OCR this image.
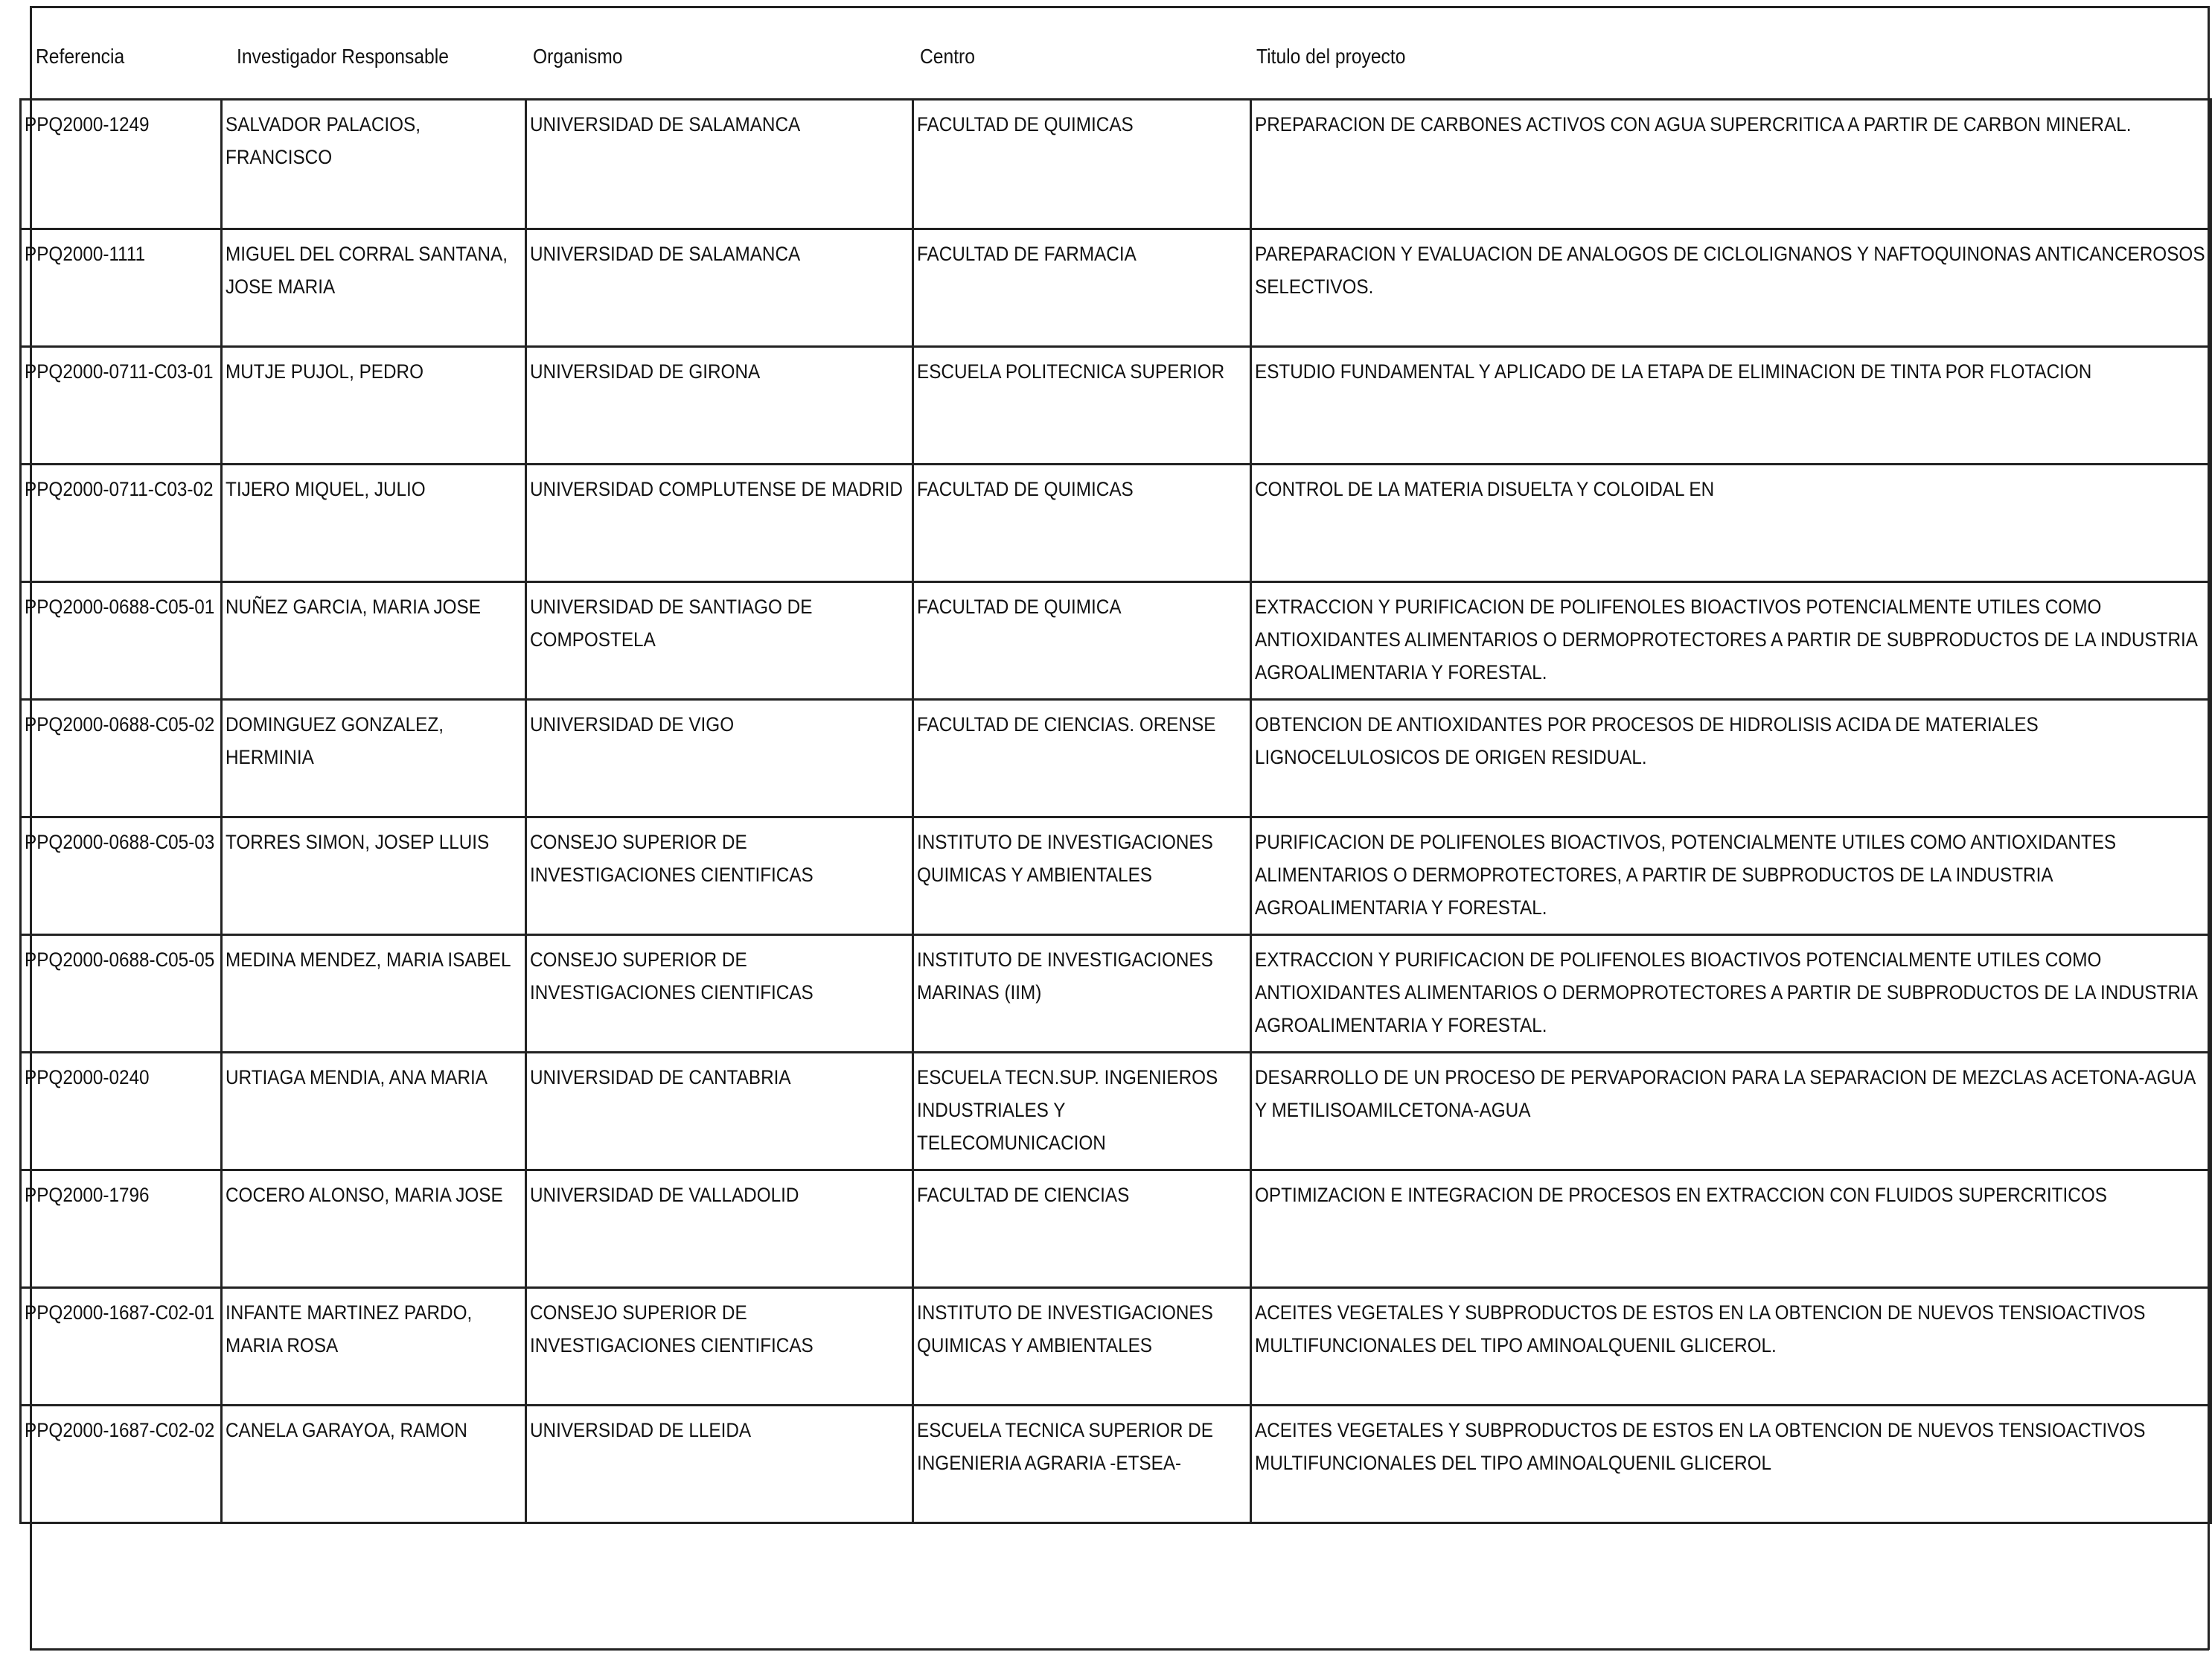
Referencia	Investigador Responsable	Organismo	Centro	Titulo del proyecto
PPQ2000-1249	SALVADOR PALACIOS, FRANCISCO	UNIVERSIDAD DE SALAMANCA	FACULTAD DE QUIMICAS	PREPARACION DE CARBONES ACTIVOS CON AGUA SUPERCRITICA A PARTIR DE CARBON MINERAL.

PPQ2000-1111	MIGUEL DEL CORRAL SANTANA, JOSE MARIA	UNIVERSIDAD DE SALAMANCA	FACULTAD DE FARMACIA	PAREPARACION Y EVALUACION DE ANALOGOS DE CICLOLIGNANOS Y NAFTOQUINONAS ANTICANCEROSOS SELECTIVOS.

PPQ2000-0711-C03-01	MUTJE PUJOL, PEDRO	UNIVERSIDAD DE GIRONA	ESCUELA POLITECNICA SUPERIOR	ESTUDIO FUNDAMENTAL Y APLICADO DE LA ETAPA DE ELIMINACION DE TINTA POR FLOTACION

PPQ2000-0711-C03-02	TIJERO MIQUEL, JULIO	UNIVERSIDAD COMPLUTENSE DE MADRID	FACULTAD DE QUIMICAS	CONTROL DE LA MATERIA DISUELTA Y COLOIDAL EN

PPQ2000-0688-C05-01	NUÑEZ GARCIA, MARIA JOSE	UNIVERSIDAD DE SANTIAGO DE COMPOSTELA	FACULTAD DE QUIMICA	EXTRACCION Y PURIFICACION DE POLIFENOLES BIOACTIVOS POTENCIALMENTE UTILES COMO ANTIOXIDANTES ALIMENTARIOS O DERMOPROTECTORES A PARTIR DE SUBPRODUCTOS DE LA INDUSTRIA AGROALIMENTARIA Y FORESTAL.

PPQ2000-0688-C05-02	DOMINGUEZ GONZALEZ, HERMINIA	UNIVERSIDAD DE VIGO	FACULTAD DE CIENCIAS. ORENSE	OBTENCION DE ANTIOXIDANTES POR PROCESOS DE HIDROLISIS ACIDA DE MATERIALES LIGNOCELULOSICOS DE ORIGEN RESIDUAL.

PPQ2000-0688-C05-03	TORRES SIMON, JOSEP LLUIS	CONSEJO SUPERIOR DE INVESTIGACIONES CIENTIFICAS	INSTITUTO DE INVESTIGACIONES QUIMICAS Y AMBIENTALES	PURIFICACION DE POLIFENOLES BIOACTIVOS, POTENCIALMENTE UTILES COMO ANTIOXIDANTES ALIMENTARIOS O DERMOPROTECTORES, A PARTIR DE SUBPRODUCTOS DE LA INDUSTRIA AGROALIMENTARIA Y FORESTAL.

PPQ2000-0688-C05-05	MEDINA MENDEZ, MARIA ISABEL	CONSEJO SUPERIOR DE INVESTIGACIONES CIENTIFICAS	INSTITUTO DE INVESTIGACIONES MARINAS (IIM)	EXTRACCION Y PURIFICACION DE POLIFENOLES BIOACTIVOS POTENCIALMENTE UTILES COMO ANTIOXIDANTES ALIMENTARIOS O DERMOPROTECTORES A PARTIR DE SUBPRODUCTOS DE LA INDUSTRIA AGROALIMENTARIA Y FORESTAL.

PPQ2000-0240	URTIAGA MENDIA, ANA MARIA	UNIVERSIDAD DE CANTABRIA	ESCUELA TECN.SUP. INGENIEROS INDUSTRIALES Y TELECOMUNICACION	DESARROLLO DE UN PROCESO DE PERVAPORACION PARA LA SEPARACION DE MEZCLAS ACETONA-AGUA Y METILISOAMILCETONA-AGUA

PPQ2000-1796	COCERO ALONSO, MARIA JOSE	UNIVERSIDAD DE VALLADOLID	FACULTAD DE CIENCIAS	OPTIMIZACION E INTEGRACION DE PROCESOS EN EXTRACCION CON FLUIDOS SUPERCRITICOS

PPQ2000-1687-C02-01	INFANTE MARTINEZ PARDO, MARIA ROSA	CONSEJO SUPERIOR DE INVESTIGACIONES CIENTIFICAS	INSTITUTO DE INVESTIGACIONES QUIMICAS Y AMBIENTALES	ACEITES VEGETALES Y SUBPRODUCTOS DE ESTOS EN LA OBTENCION DE NUEVOS TENSIOACTIVOS MULTIFUNCIONALES DEL TIPO AMINOALQUENIL GLICEROL.

PPQ2000-1687-C02-02	CANELA GARAYOA, RAMON	UNIVERSIDAD DE LLEIDA	ESCUELA TECNICA SUPERIOR DE INGENIERIA AGRARIA -ETSEA-	ACEITES VEGETALES Y SUBPRODUCTOS DE ESTOS EN LA OBTENCION DE NUEVOS TENSIOACTIVOS MULTIFUNCIONALES DEL TIPO AMINOALQUENIL GLICEROL
